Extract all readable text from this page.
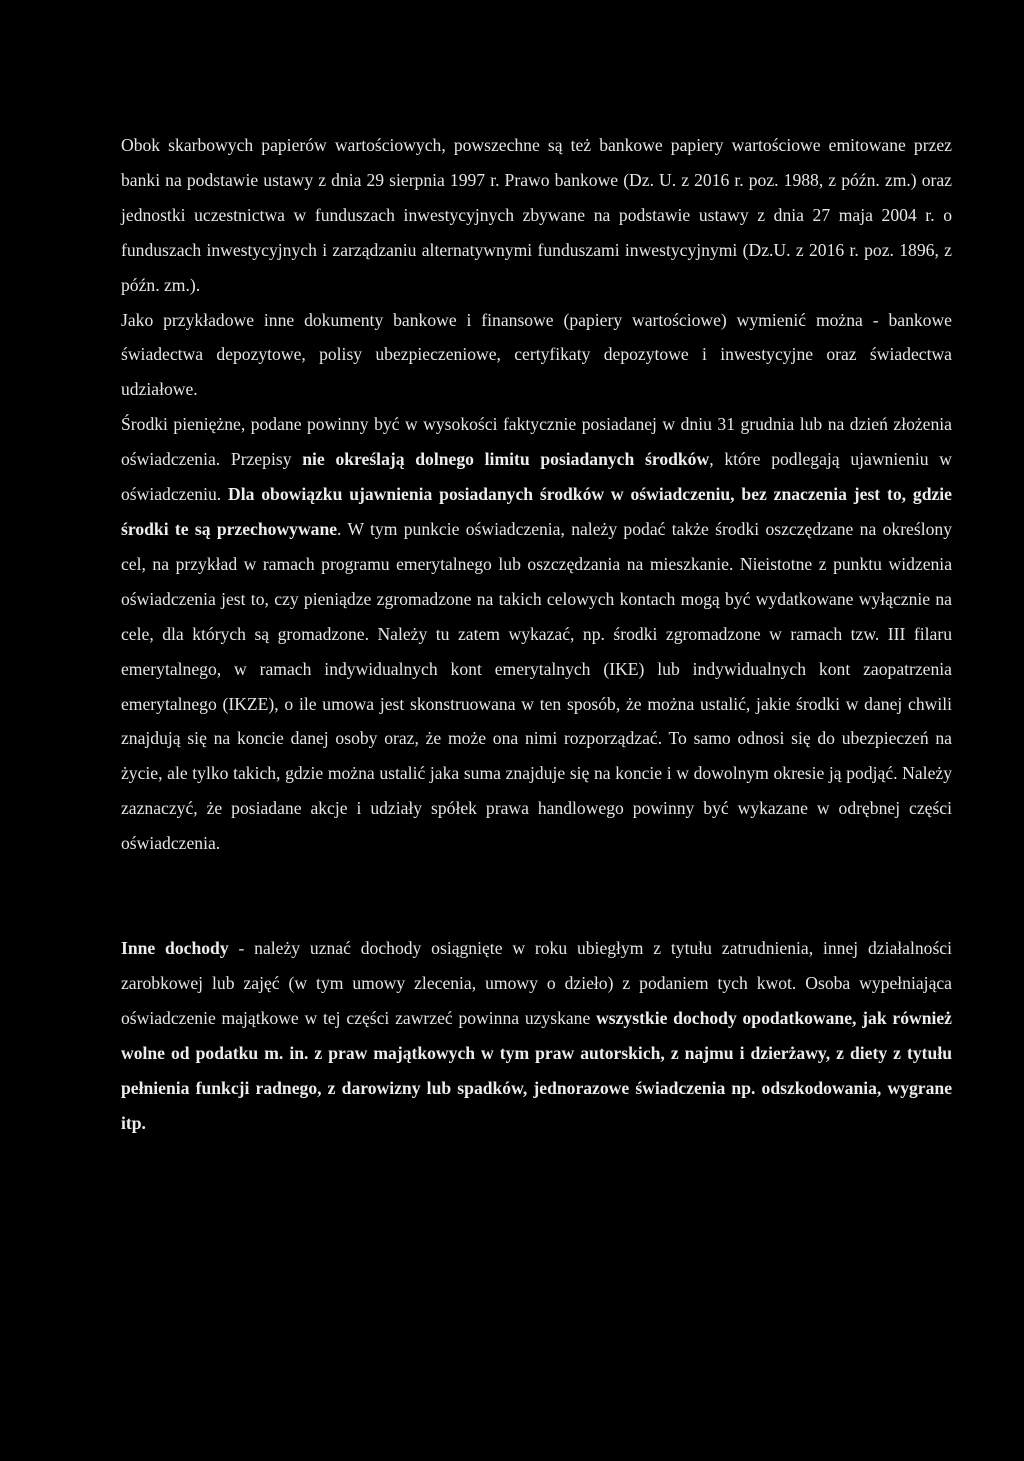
Obok skarbowych papierów wartościowych, powszechne są też bankowe papiery wartościowe emitowane przez banki na podstawie ustawy z dnia 29 sierpnia 1997 r. Prawo bankowe (Dz. U. z 2016 r. poz. 1988, z późn. zm.) oraz jednostki uczestnictwa w funduszach inwestycyjnych zbywane na podstawie ustawy z dnia 27 maja 2004 r. o funduszach inwestycyjnych i zarządzaniu alternatywnymi funduszami inwestycyjnymi (Dz.U. z 2016 r. poz. 1896, z późn. zm.).

Jako przykładowe inne dokumenty bankowe i finansowe (papiery wartościowe) wymienić można - bankowe świadectwa depozytowe, polisy ubezpieczeniowe, certyfikaty depozytowe i inwestycyjne oraz świadectwa udziałowe.

Środki pieniężne, podane powinny być w wysokości faktycznie posiadanej w dniu 31 grudnia lub na dzień złożenia oświadczenia. Przepisy nie określają dolnego limitu posiadanych środków, które podlegają ujawnieniu w oświadczeniu. Dla obowiązku ujawnienia posiadanych środków w oświadczeniu, bez znaczenia jest to, gdzie środki te są przechowywane. W tym punkcie oświadczenia, należy podać także środki oszczędzane na określony cel, na przykład w ramach programu emerytalnego lub oszczędzania na mieszkanie. Nieistotne z punktu widzenia oświadczenia jest to, czy pieniądze zgromadzone na takich celowych kontach mogą być wydatkowane wyłącznie na cele, dla których są gromadzone. Należy tu zatem wykazać, np. środki zgromadzone w ramach tzw. III filaru emerytalnego, w ramach indywidualnych kont emerytalnych (IKE) lub indywidualnych kont zaopatrzenia emerytalnego (IKZE), o ile umowa jest skonstruowana w ten sposób, że można ustalić, jakie środki w danej chwili znajdują się na koncie danej osoby oraz, że może ona nimi rozporządzać. To samo odnosi się do ubezpieczeń na życie, ale tylko takich, gdzie można ustalić jaka suma znajduje się na koncie i w dowolnym okresie ją podjąć. Należy zaznaczyć, że posiadane akcje i udziały spółek prawa handlowego powinny być wykazane w odrębnej części oświadczenia.

Inne dochody - należy uznać dochody osiągnięte w roku ubiegłym z tytułu zatrudnienia, innej działalności zarobkowej lub zajęć (w tym umowy zlecenia, umowy o dzieło) z podaniem tych kwot. Osoba wypełniająca oświadczenie majątkowe w tej części zawrzeć powinna uzyskane wszystkie dochody opodatkowane, jak również wolne od podatku m. in. z praw majątkowych w tym praw autorskich, z najmu i dzierżawy, z diety z tytułu pełnienia funkcji radnego, z darowizny lub spadków, jednorazowe świadczenia np. odszkodowania, wygrane itp.
